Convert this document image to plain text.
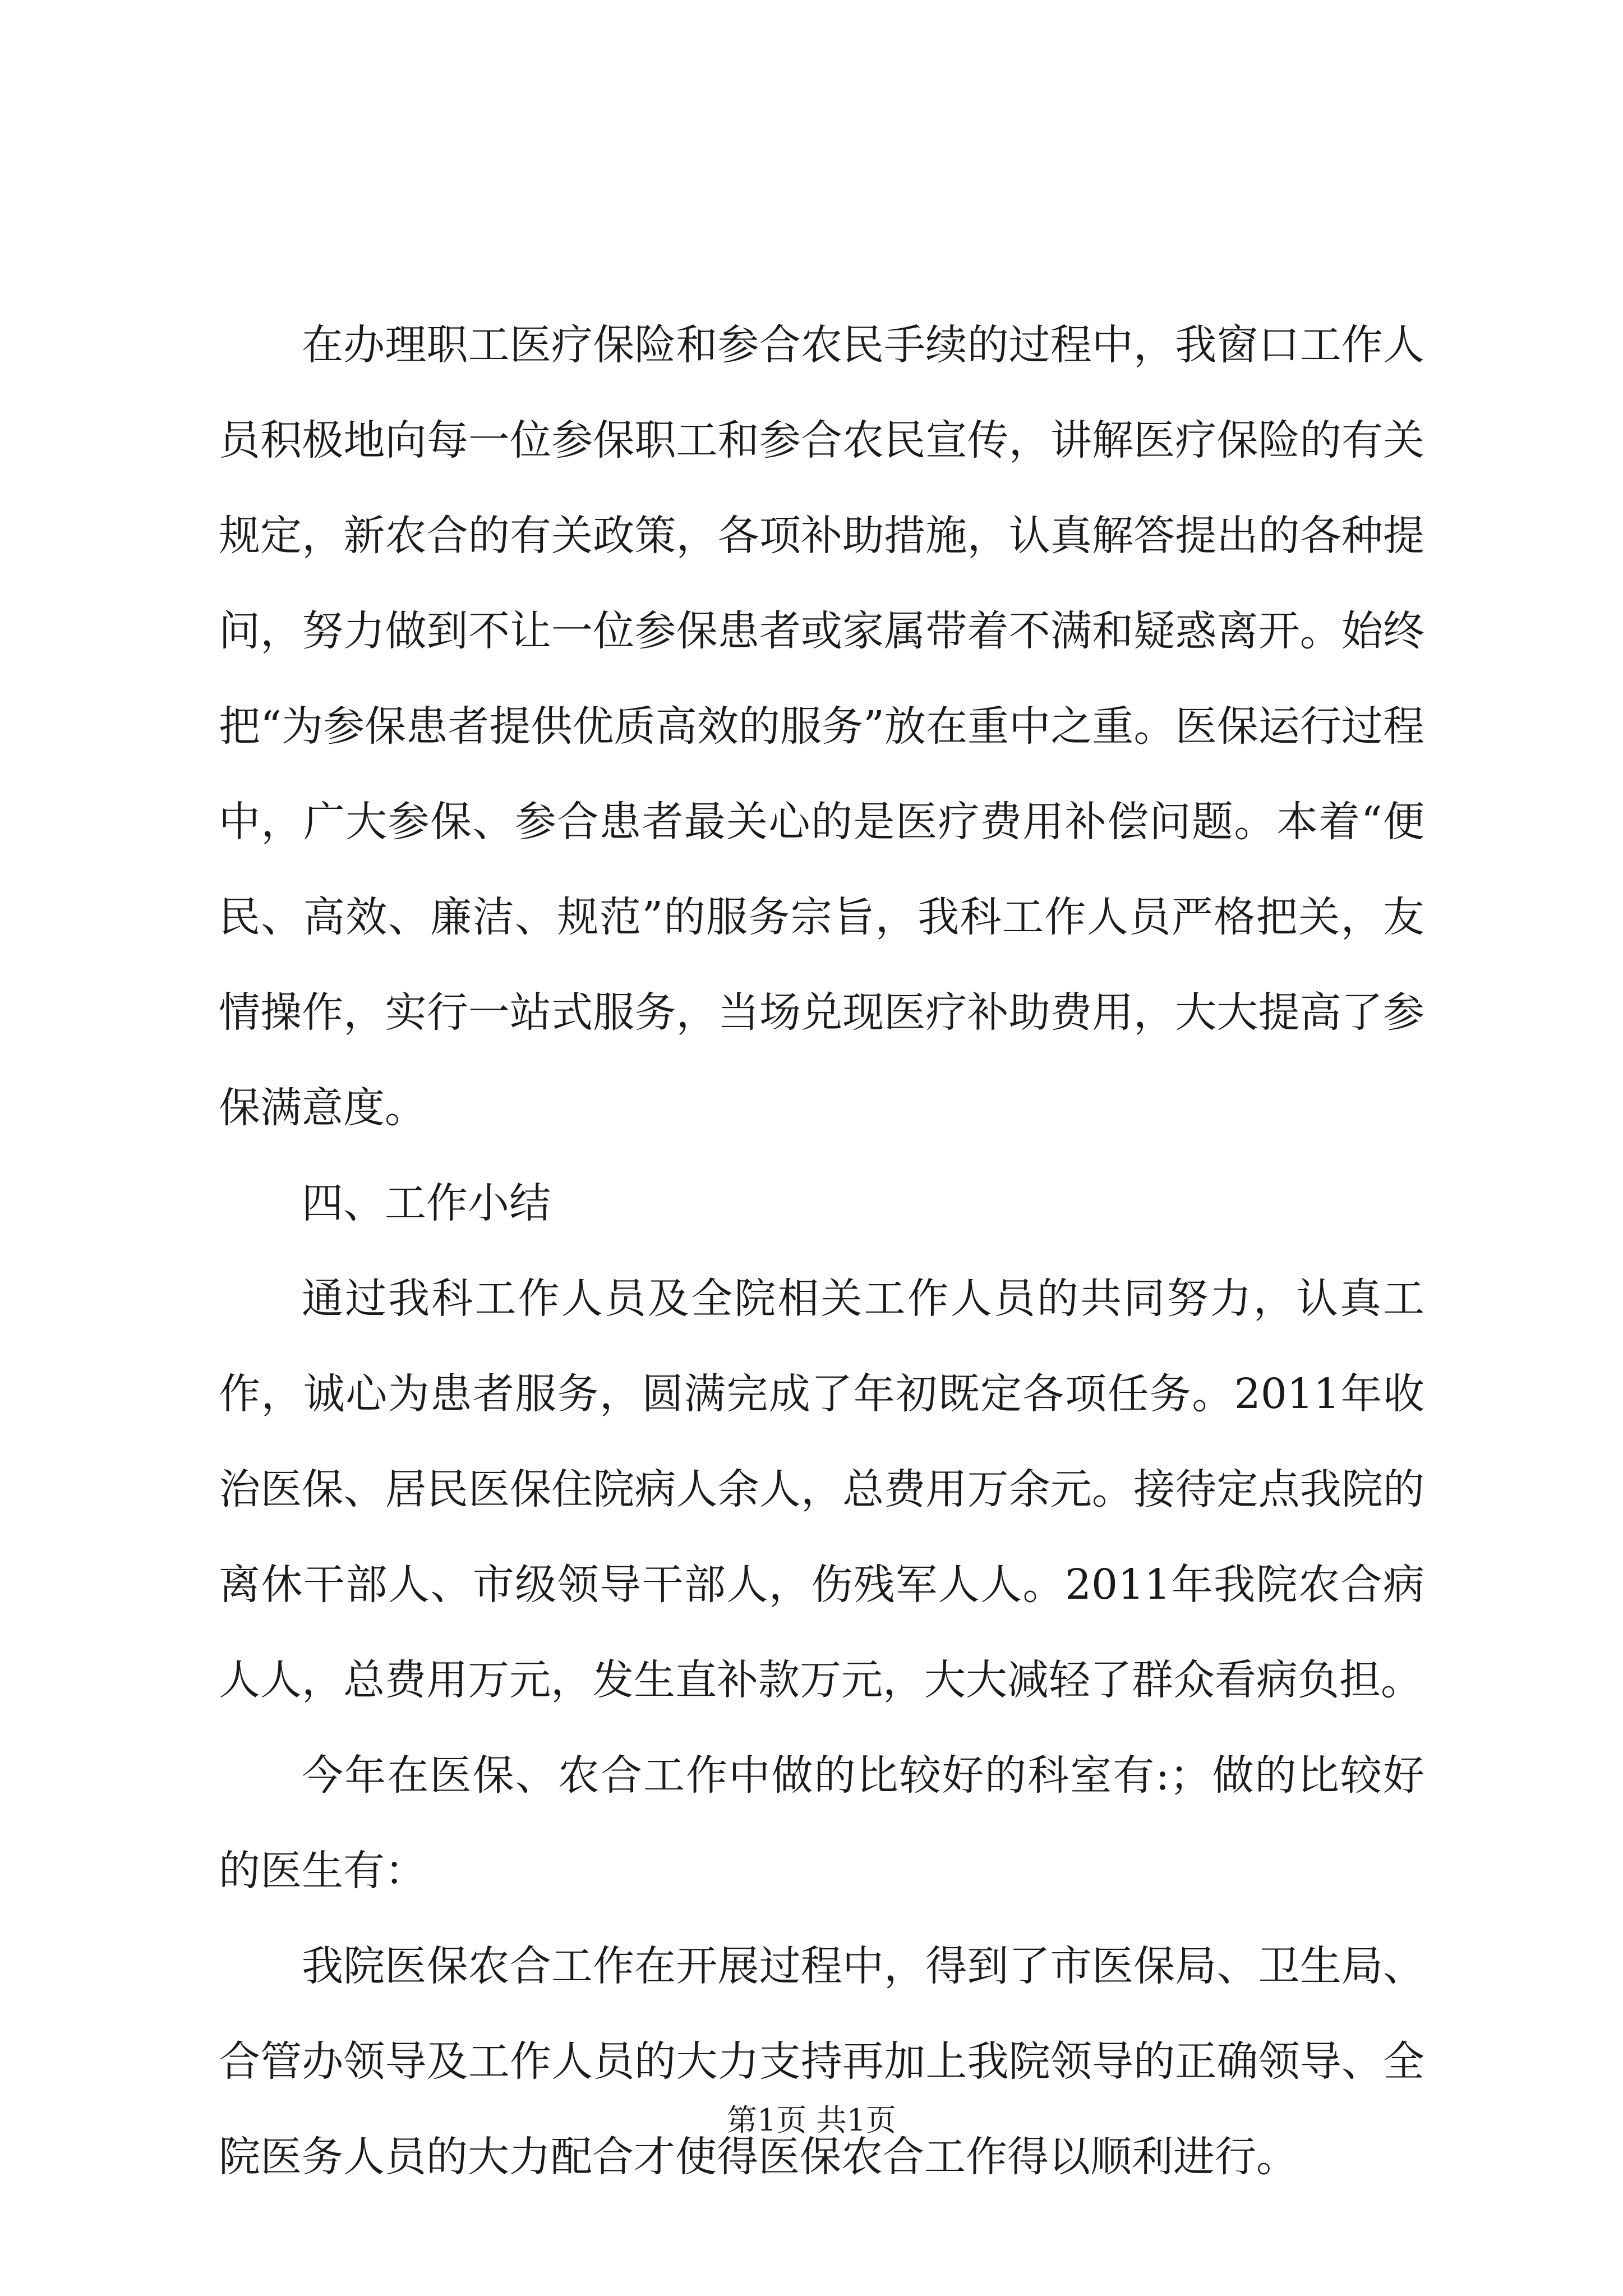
在办理职工医疗保险和参合农民手续的过程中，我窗口工作人员积极地向每一位参保职工和参合农民宣传，讲解医疗保险的有关规定，新农合的有关政策，各项补助措施，认真解答提出的各种提问，努力做到不让一位参保患者或家属带着不满和疑惑离开。始终把“为参保患者提供优质高效的服务”放在重中之重。医保运行过程中，广大参保、参合患者最关心的是医疗费用补偿问题。本着“便民、高效、廉洁、规范”的服务宗旨，我科工作人员严格把关，友情操作，实行一站式服务，当场兑现医疗补助费用，大大提高了参保满意度。

四、工作小结

通过我科工作人员及全院相关工作人员的共同努力，认真工作，诚心为患者服务，圆满完成了年初既定各项任务。2011年收治医保、居民医保住院病人余人，总费用万余元。接待定点我院的离休干部人、市级领导干部人，伤残军人人。2011年我院农合病人人，总费用万元，发生直补款万元，大大减轻了群众看病负担。

今年在医保、农合工作中做的比较好的科室有:；做的比较好的医生有：

我院医保农合工作在开展过程中，得到了市医保局、卫生局、合管办领导及工作人员的大力支持再加上我院领导的正确领导、全院医务人员的大力配合才使得医保农合工作得以顺利进行。

第1页 共1页
